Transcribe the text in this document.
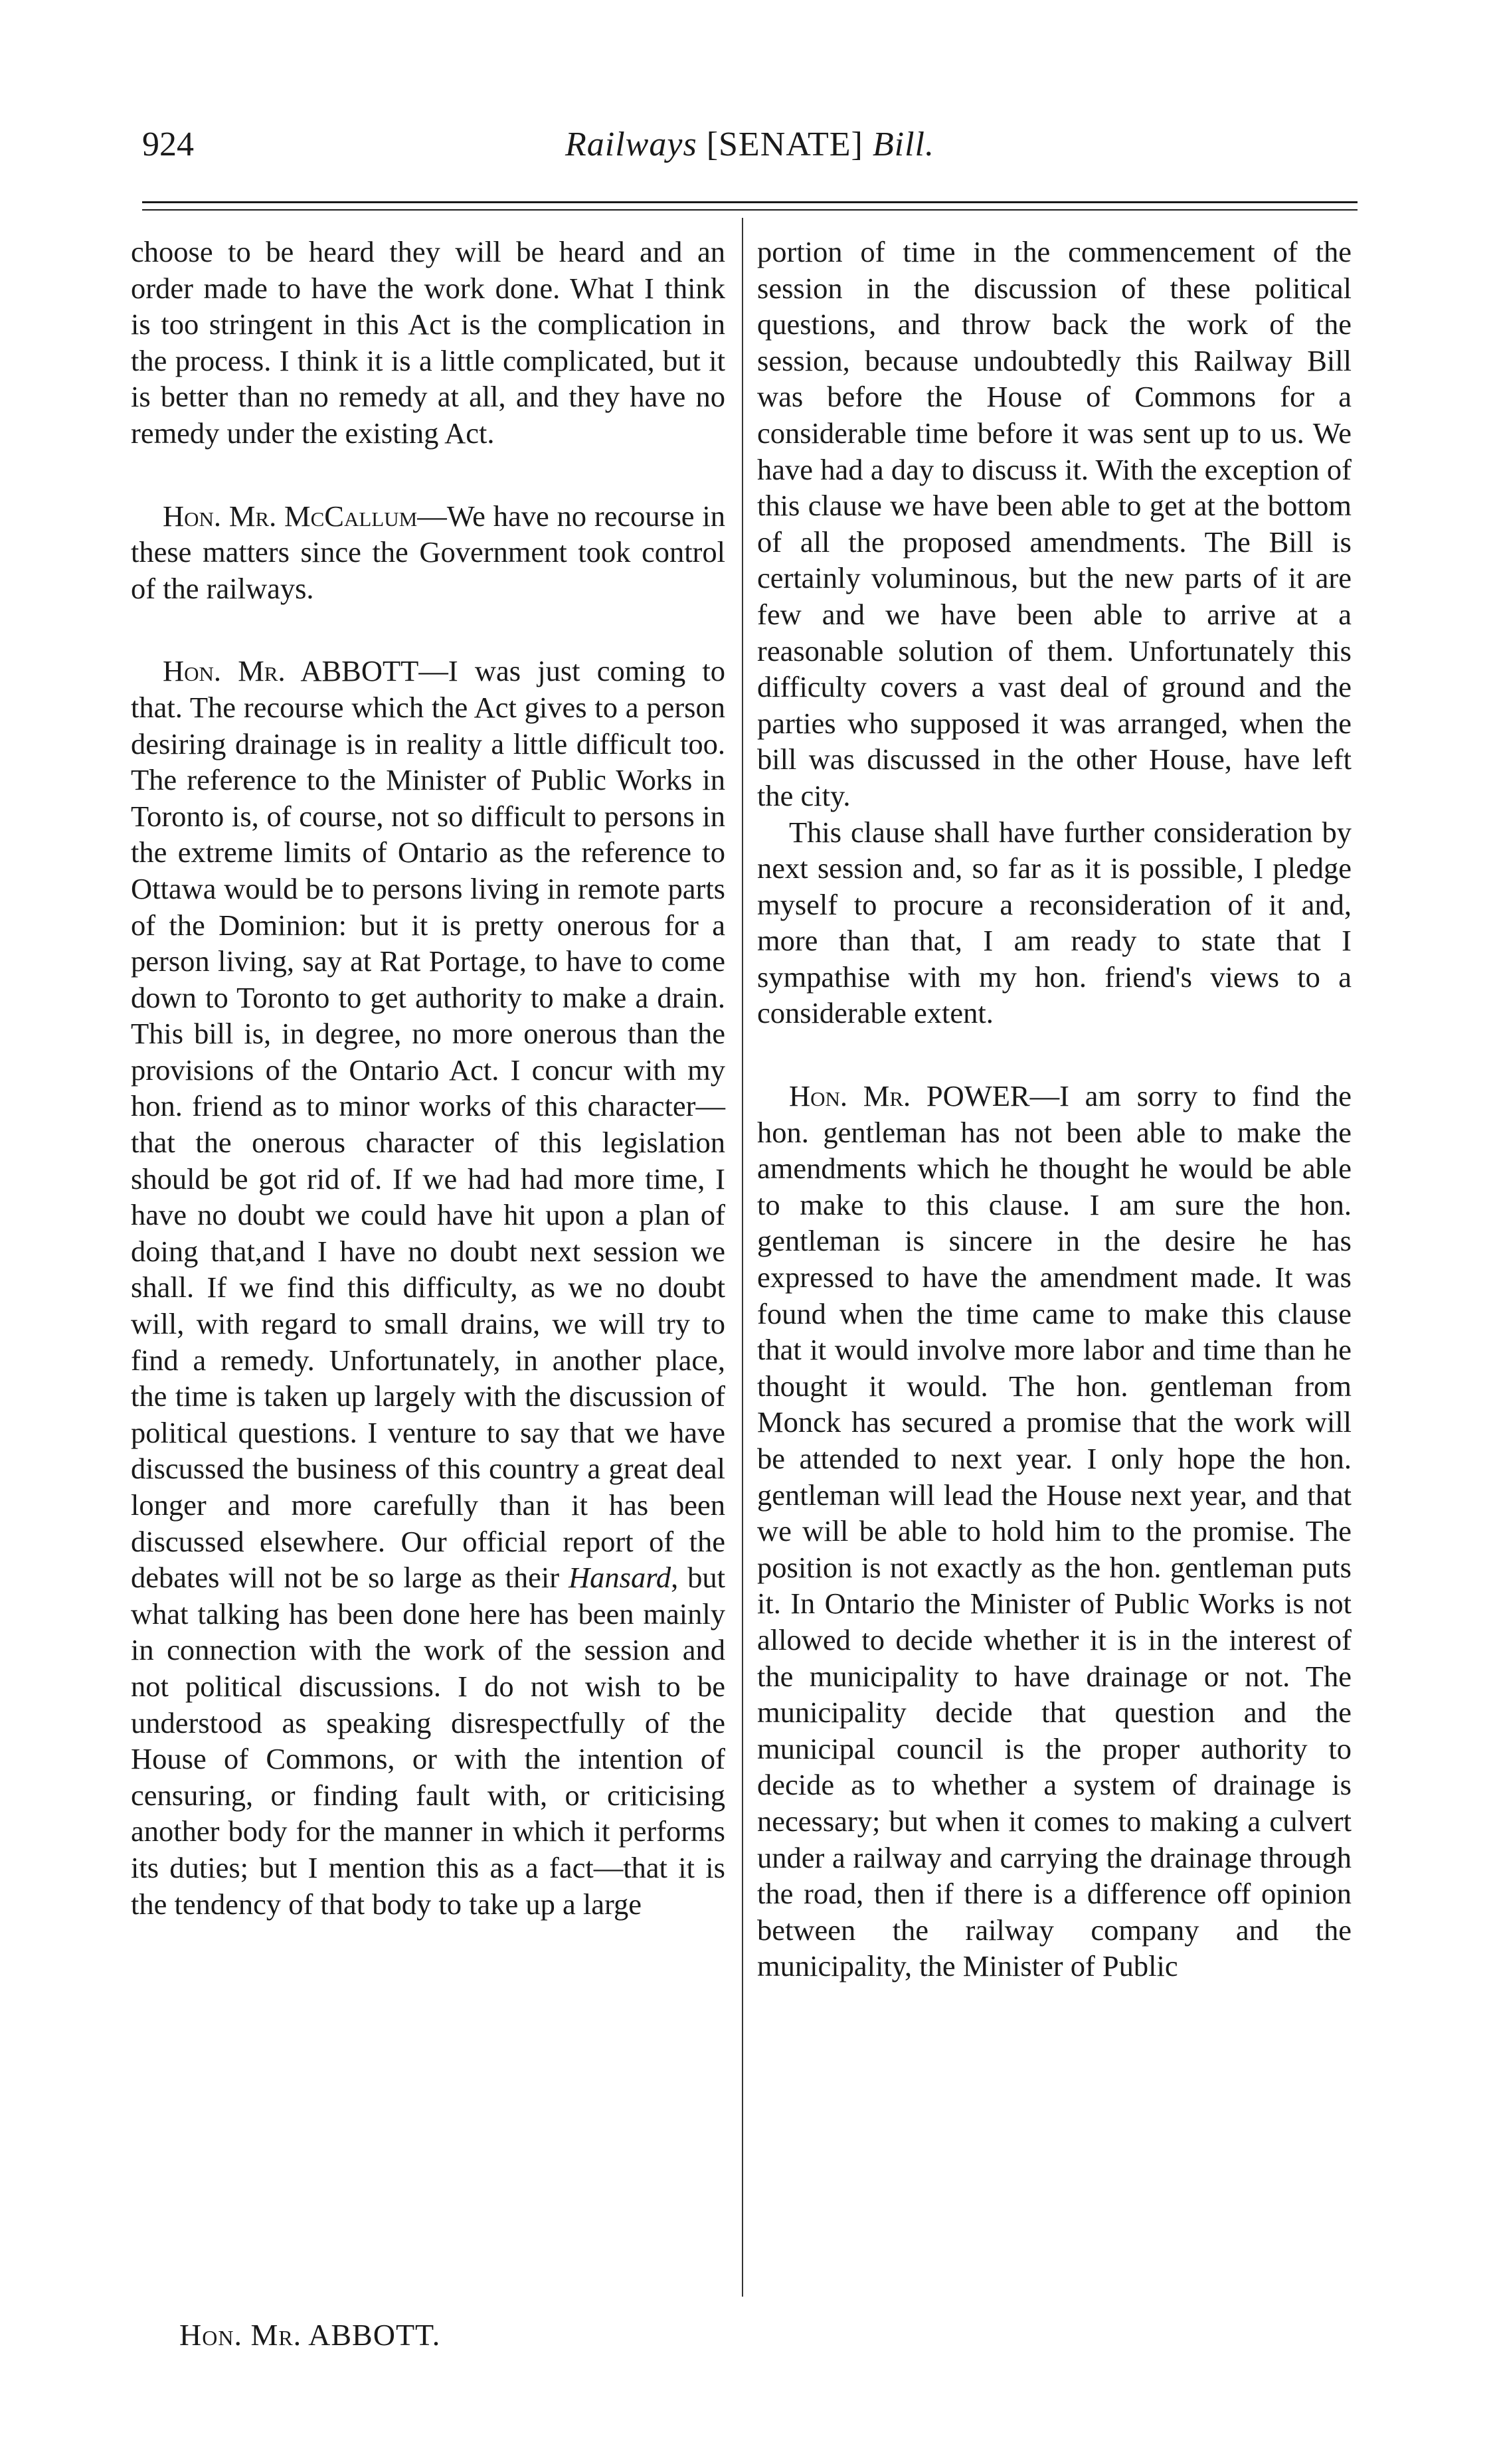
924	Railways [SENATE] Bill.

choose to be heard they will be heard and an order made to have the work done. What I think is too stringent in this Act is the complication in the process. I think it is a little complicated, but it is better than no remedy at all, and they have no remedy under the existing Act.

Hon. Mr. McCallum—We have no recourse in these matters since the Government took control of the railways.

Hon. Mr. ABBOTT—I was just coming to that. The recourse which the Act gives to a person desiring drainage is in reality a little difficult too. The reference to the Minister of Public Works in Toronto is, of course, not so difficult to persons in the extreme limits of Ontario as the reference to Ottawa would be to persons living in remote parts of the Dominion: but it is pretty onerous for a person living, say at Rat Portage, to have to come down to Toronto to get authority to make a drain. This bill is, in degree, no more onerous than the provisions of the Ontario Act. I concur with my hon. friend as to minor works of this character—that the onerous character of this legislation should be got rid of. If we had had more time, I have no doubt we could have hit upon a plan of doing that,and I have no doubt next session we shall. If we find this difficulty, as we no doubt will, with regard to small drains, we will try to find a remedy. Unfortunately, in another place, the time is taken up largely with the discussion of political questions. I venture to say that we have discussed the business of this country a great deal longer and more carefully than it has been discussed elsewhere. Our official report of the debates will not be so large as their Hansard, but what talking has been done here has been mainly in connection with the work of the session and not political discussions. I do not wish to be understood as speaking disrespectfully of the House of Commons, or with the intention of censuring, or finding fault with, or criticising another body for the manner in which it performs its duties; but I mention this as a fact—that it is the tendency of that body to take up a large

portion of time in the commencement of the session in the discussion of these political questions, and throw back the work of the session, because undoubtedly this Railway Bill was before the House of Commons for a considerable time before it was sent up to us. We have had a day to discuss it. With the exception of this clause we have been able to get at the bottom of all the proposed amendments. The Bill is certainly voluminous, but the new parts of it are few and we have been able to arrive at a reasonable solution of them. Unfortunately this difficulty covers a vast deal of ground and the parties who supposed it was arranged, when the bill was discussed in the other House, have left the city.

This clause shall have further consideration by next session and, so far as it is possible, I pledge myself to procure a reconsideration of it and, more than that, I am ready to state that I sympathise with my hon. friend's views to a considerable extent.

Hon. Mr. POWER—I am sorry to find the hon. gentleman has not been able to make the amendments which he thought he would be able to make to this clause. I am sure the hon. gentleman is sincere in the desire he has expressed to have the amendment made. It was found when the time came to make this clause that it would involve more labor and time than he thought it would. The hon. gentleman from Monck has secured a promise that the work will be attended to next year. I only hope the hon. gentleman will lead the House next year, and that we will be able to hold him to the promise. The position is not exactly as the hon. gentleman puts it. In Ontario the Minister of Public Works is not allowed to decide whether it is in the interest of the municipality to have drainage or not. The municipality decide that question and the municipal council is the proper authority to decide as to whether a system of drainage is necessary; but when it comes to making a culvert under a railway and carrying the drainage through the road, then if there is a difference off opinion between the railway company and the municipality, the Minister of Public

Hon. Mr. ABBOTT.
